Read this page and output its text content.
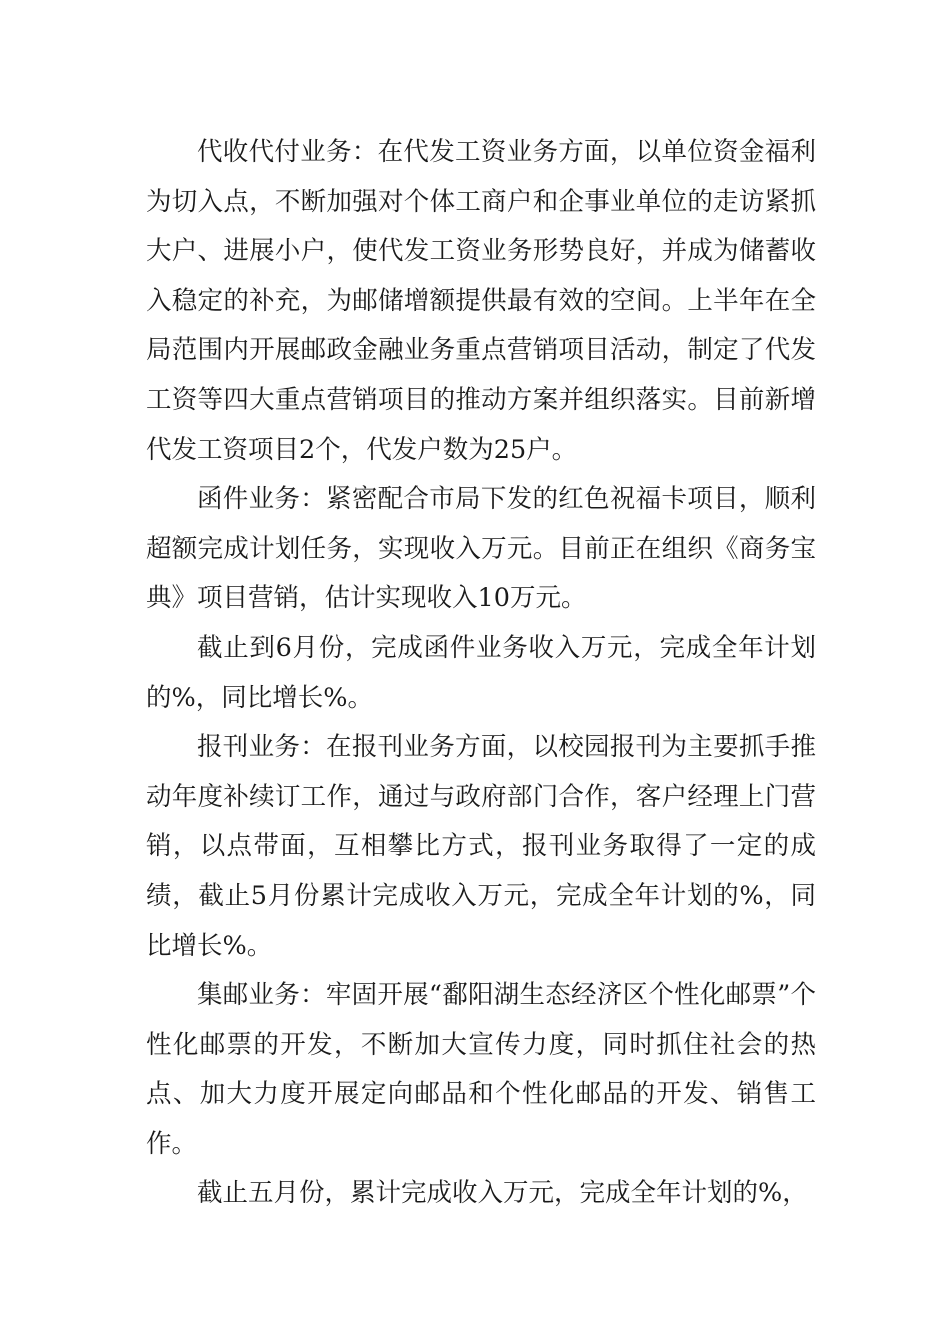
代收代付业务：在代发工资业务方面，以单位资金福利为切入点，不断加强对个体工商户和企事业单位的走访紧抓大户、进展小户，使代发工资业务形势良好，并成为储蓄收入稳定的补充，为邮储增额提供最有效的空间。上半年在全局范围内开展邮政金融业务重点营销项目活动，制定了代发工资等四大重点营销项目的推动方案并组织落实。目前新增代发工资项目2个，代发户数为25户。

函件业务：紧密配合市局下发的红色祝福卡项目，顺利超额完成计划任务，实现收入万元。目前正在组织《商务宝典》项目营销，估计实现收入10万元。

截止到6月份，完成函件业务收入万元，完成全年计划的%，同比增长%。

报刊业务：在报刊业务方面，以校园报刊为主要抓手推动年度补续订工作，通过与政府部门合作，客户经理上门营销，以点带面，互相攀比方式，报刊业务取得了一定的成绩，截止5月份累计完成收入万元，完成全年计划的%，同比增长%。

集邮业务：牢固开展“鄱阳湖生态经济区个性化邮票”个性化邮票的开发，不断加大宣传力度，同时抓住社会的热点、加大力度开展定向邮品和个性化邮品的开发、销售工作。

截止五月份，累计完成收入万元，完成全年计划的%，
